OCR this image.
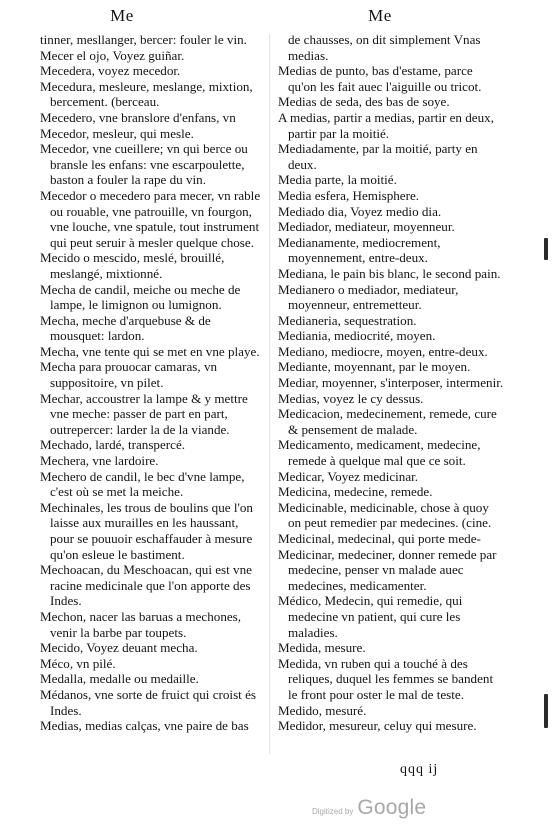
Me	Me

tinner, mesllanger, bercer: fouler le vin.

Mecer el ojo, Voyez guiñar.

Mecedera, voyez mecedor.

Mecedura, mesleure, meslange, mixtion, bercement. (berceau.

Mecedero, vne branslore d'enfans, vn

Mecedor, mesleur, qui mesle.

Mecedor, vne cueillere; vn qui berce ou bransle les enfans: vne escarpoulette, baston a fouler la rape du vin.

Mecedor o mecedero para mecer, vn rable ou rouable, vne patrouille, vn fourgon, vne louche, vne spatule, tout instrument qui peut seruir à mesler quelque chose.

Mecido o mescido, meslé, brouillé, meslangé, mixtionné.

Mecha de candil, meiche ou meche de lampe, le limignon ou lumignon.

Mecha, meche d'arquebuse & de mousquet: lardon.

Mecha, vne tente qui se met en vne playe.

Mecha para prouocar camaras, vn suppositoire, vn pilet.

Mechar, accoustrer la lampe & y mettre vne meche: passer de part en part, outrepercer: larder la de la viande.

Mechado, lardé, transpercé.

Mechera, vne lardoire.

Mechero de candil, le bec d'vne lampe, c'est où se met la meiche.

Mechinales, les trous de boulins que l'on laisse aux murailles en les haussant, pour se pouuoir eschaffauder à mesure qu'on esleue le bastiment.

Mechoacan, du Meschoacan, qui est vne racine medicinale que l'on apporte des Indes.

Mechon, nacer las baruas a mechones, venir la barbe par toupets.

Mecido, Voyez deuant mecha.

Méco, vn pilé.

Medalla, medalle ou medaille.

Médanos, vne sorte de fruict qui croist és Indes.

Medias, medias calças, vne paire de bas

de chausses, on dit simplement Vnas medias.

Medias de punto, bas d'estame, parce qu'on les fait auec l'aiguille ou tricot.

Medias de seda, des bas de soye.

A medias, partir a medias, partir en deux, partir par la moitié.

Mediadamente, par la moitié, party en deux.

Media parte, la moitié.

Media esfera, Hemisphere.

Mediado dia, Voyez medio dia.

Mediador, mediateur, moyenneur.

Medianamente, mediocrement, moyennement, entre-deux.

Mediana, le pain bis blanc, le second pain.

Medianero o mediador, mediateur, moyenneur, entremetteur.

Medianeria, sequestration.

Mediania, mediocrité, moyen.

Mediano, mediocre, moyen, entre-deux.

Mediante, moyennant, par le moyen.

Mediar, moyenner, s'interposer, intermenir.

Medias, voyez le cy dessus.

Medicacion, medecinement, remede, cure & pensement de malade.

Medicamento, medicament, medecine, remede à quelque mal que ce soit.

Medicar, Voyez medicinar.

Medicina, medecine, remede.

Medicinable, medicinable, chose à quoy on peut remedier par medecines. (cine.

Medicinal, medecinal, qui porte mede-

Medicinar, medeciner, donner remede par medecine, penser vn malade auec medecines, medicamenter.

Médico, Medecin, qui remedie, qui medecine vn patient, qui cure les maladies.

Medida, mesure.

Medida, vn ruben qui a touché à des reliques, duquel les femmes se bandent le front pour oster le mal de teste.

Medido, mesuré.

Medidor, mesureur, celuy qui mesure.

qqq ij
Digitized by Google
